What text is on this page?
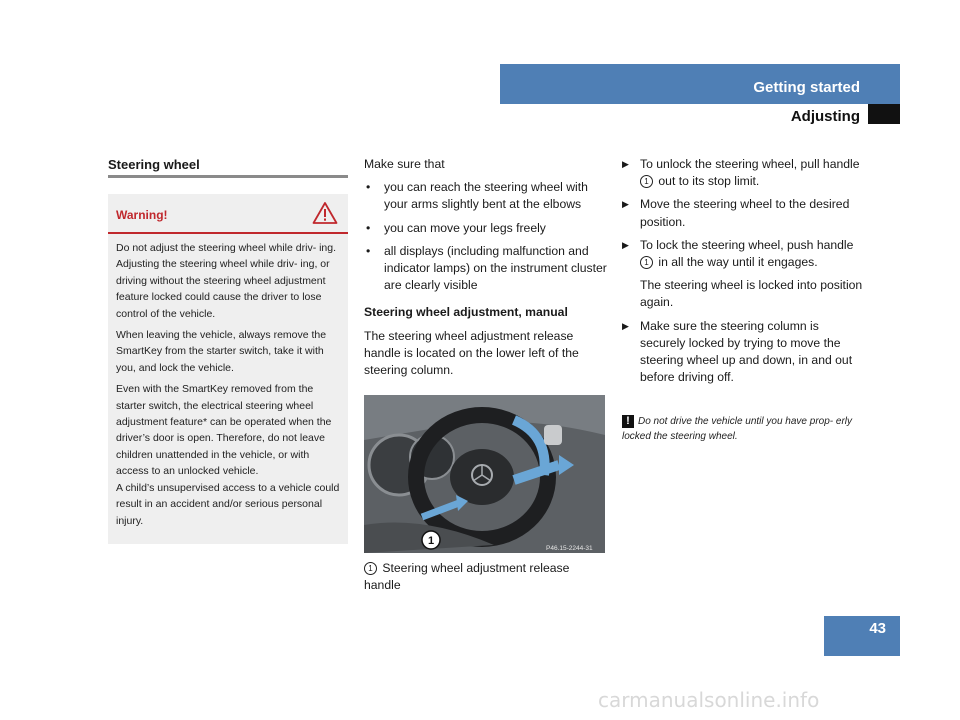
Getting started
Adjusting
Steering wheel
Warning!

Do not adjust the steering wheel while driv- ing. Adjusting the steering wheel while driv- ing, or driving without the steering wheel adjustment feature locked could cause the driver to lose control of the vehicle.

When leaving the vehicle, always remove the SmartKey from the starter switch, take it with you, and lock the vehicle.

Even with the SmartKey removed from the starter switch, the electrical steering wheel adjustment feature* can be operated when the driver’s door is open. Therefore, do not leave children unattended in the vehicle, or with access to an unlocked vehicle.

A child’s unsupervised access to a vehicle could result in an accident and/or serious personal injury.

Make sure that

• you can reach the steering wheel with your arms slightly bent at the elbows
• you can move your legs freely
• all displays (including malfunction and indicator lamps) on the instrument cluster are clearly visible
Steering wheel adjustment, manual

The steering wheel adjustment release handle is located on the lower left of the steering column.

1
P46.15-2244-31
1 Steering wheel adjustment release handle
▶ To unlock the steering wheel, pull handle 1 out to its stop limit.
▶ Move the steering wheel to the desired position.
▶ To lock the steering wheel, push handle 1 in all the way until it engages.

The steering wheel is locked into position again.

▶ Make sure the steering column is securely locked by trying to move the steering wheel up and down, in and out before driving off.
! Do not drive the vehicle until you have prop- erly locked the steering wheel.
43
carmanualsonline.info
